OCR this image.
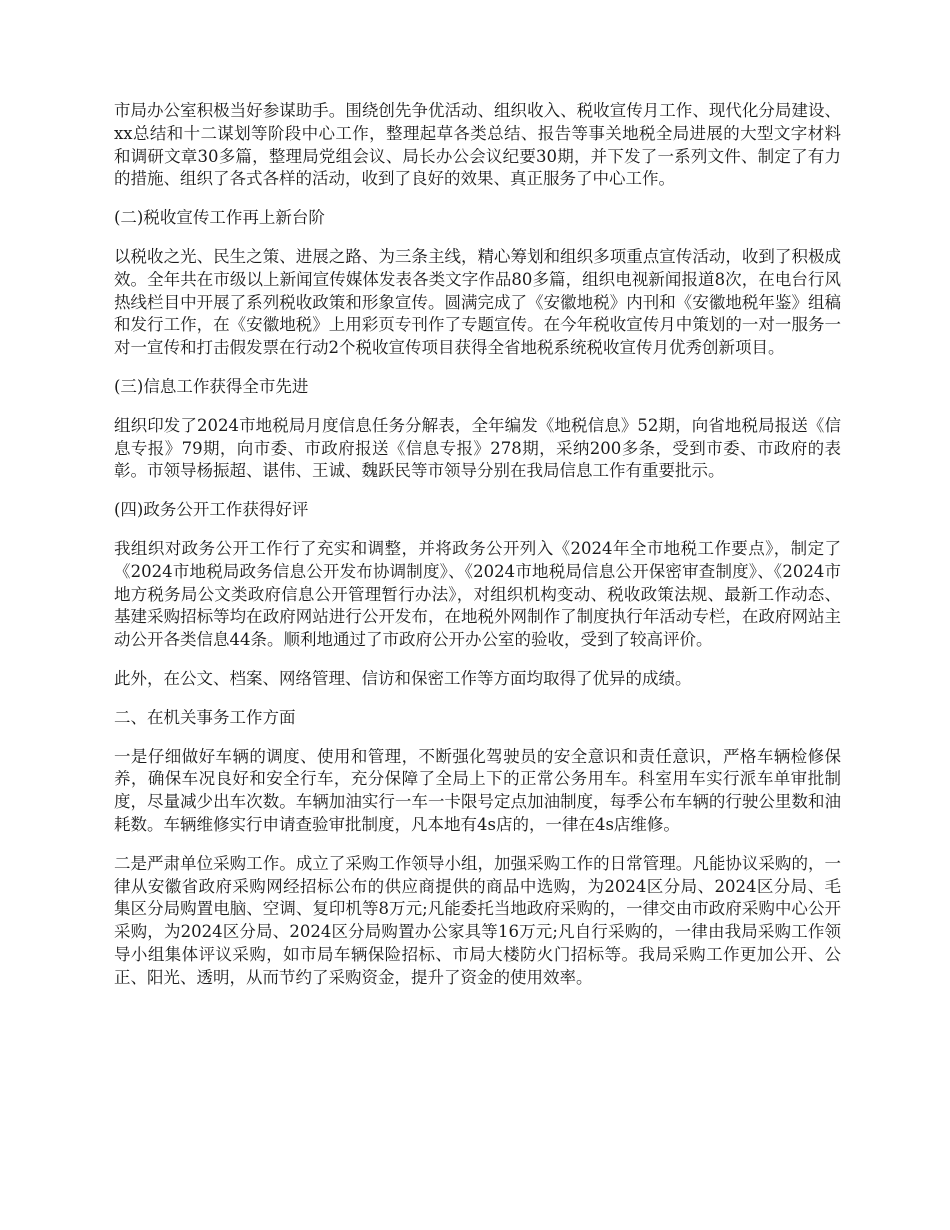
市局办公室积极当好参谋助手。围绕创先争优活动、组织收入、税收宣传月工作、现代化分局建设、xx总结和十二谋划等阶段中心工作，整理起草各类总结、报告等事关地税全局进展的大型文字材料和调研文章30多篇，整理局党组会议、局长办公会议纪要30期，并下发了一系列文件、制定了有力的措施、组织了各式各样的活动，收到了良好的效果、真正服务了中心工作。

(二)税收宣传工作再上新台阶

以税收之光、民生之策、进展之路、为三条主线，精心筹划和组织多项重点宣传活动，收到了积极成效。全年共在市级以上新闻宣传媒体发表各类文字作品80多篇，组织电视新闻报道8次，在电台行风热线栏目中开展了系列税收政策和形象宣传。圆满完成了《安徽地税》内刊和《安徽地税年鉴》组稿和发行工作，在《安徽地税》上用彩页专刊作了专题宣传。在今年税收宣传月中策划的一对一服务一对一宣传和打击假发票在行动2个税收宣传项目获得全省地税系统税收宣传月优秀创新项目。

(三)信息工作获得全市先进

组织印发了2024市地税局月度信息任务分解表，全年编发《地税信息》52期，向省地税局报送《信息专报》79期，向市委、市政府报送《信息专报》278期，采纳200多条，受到市委、市政府的表彰。市领导杨振超、谌伟、王诚、魏跃民等市领导分别在我局信息工作有重要批示。

(四)政务公开工作获得好评

我组织对政务公开工作行了充实和调整，并将政务公开列入《2024年全市地税工作要点》，制定了《2024市地税局政务信息公开发布协调制度》、《2024市地税局信息公开保密审查制度》、《2024市地方税务局公文类政府信息公开管理暂行办法》，对组织机构变动、税收政策法规、最新工作动态、基建采购招标等均在政府网站进行公开发布，在地税外网制作了制度执行年活动专栏，在政府网站主动公开各类信息44条。顺利地通过了市政府公开办公室的验收，受到了较高评价。

此外，在公文、档案、网络管理、信访和保密工作等方面均取得了优异的成绩。

二、在机关事务工作方面

一是仔细做好车辆的调度、使用和管理，不断强化驾驶员的安全意识和责任意识，严格车辆检修保养，确保车况良好和安全行车，充分保障了全局上下的正常公务用车。科室用车实行派车单审批制度，尽量减少出车次数。车辆加油实行一车一卡限号定点加油制度，每季公布车辆的行驶公里数和油耗数。车辆维修实行申请查验审批制度，凡本地有4s店的，一律在4s店维修。

二是严肃单位采购工作。成立了采购工作领导小组，加强采购工作的日常管理。凡能协议采购的，一律从安徽省政府采购网经招标公布的供应商提供的商品中选购，为2024区分局、2024区分局、毛集区分局购置电脑、空调、复印机等8万元;凡能委托当地政府采购的，一律交由市政府采购中心公开采购，为2024区分局、2024区分局购置办公家具等16万元;凡自行采购的，一律由我局采购工作领导小组集体评议采购，如市局车辆保险招标、市局大楼防火门招标等。我局采购工作更加公开、公正、阳光、透明，从而节约了采购资金，提升了资金的使用效率。
